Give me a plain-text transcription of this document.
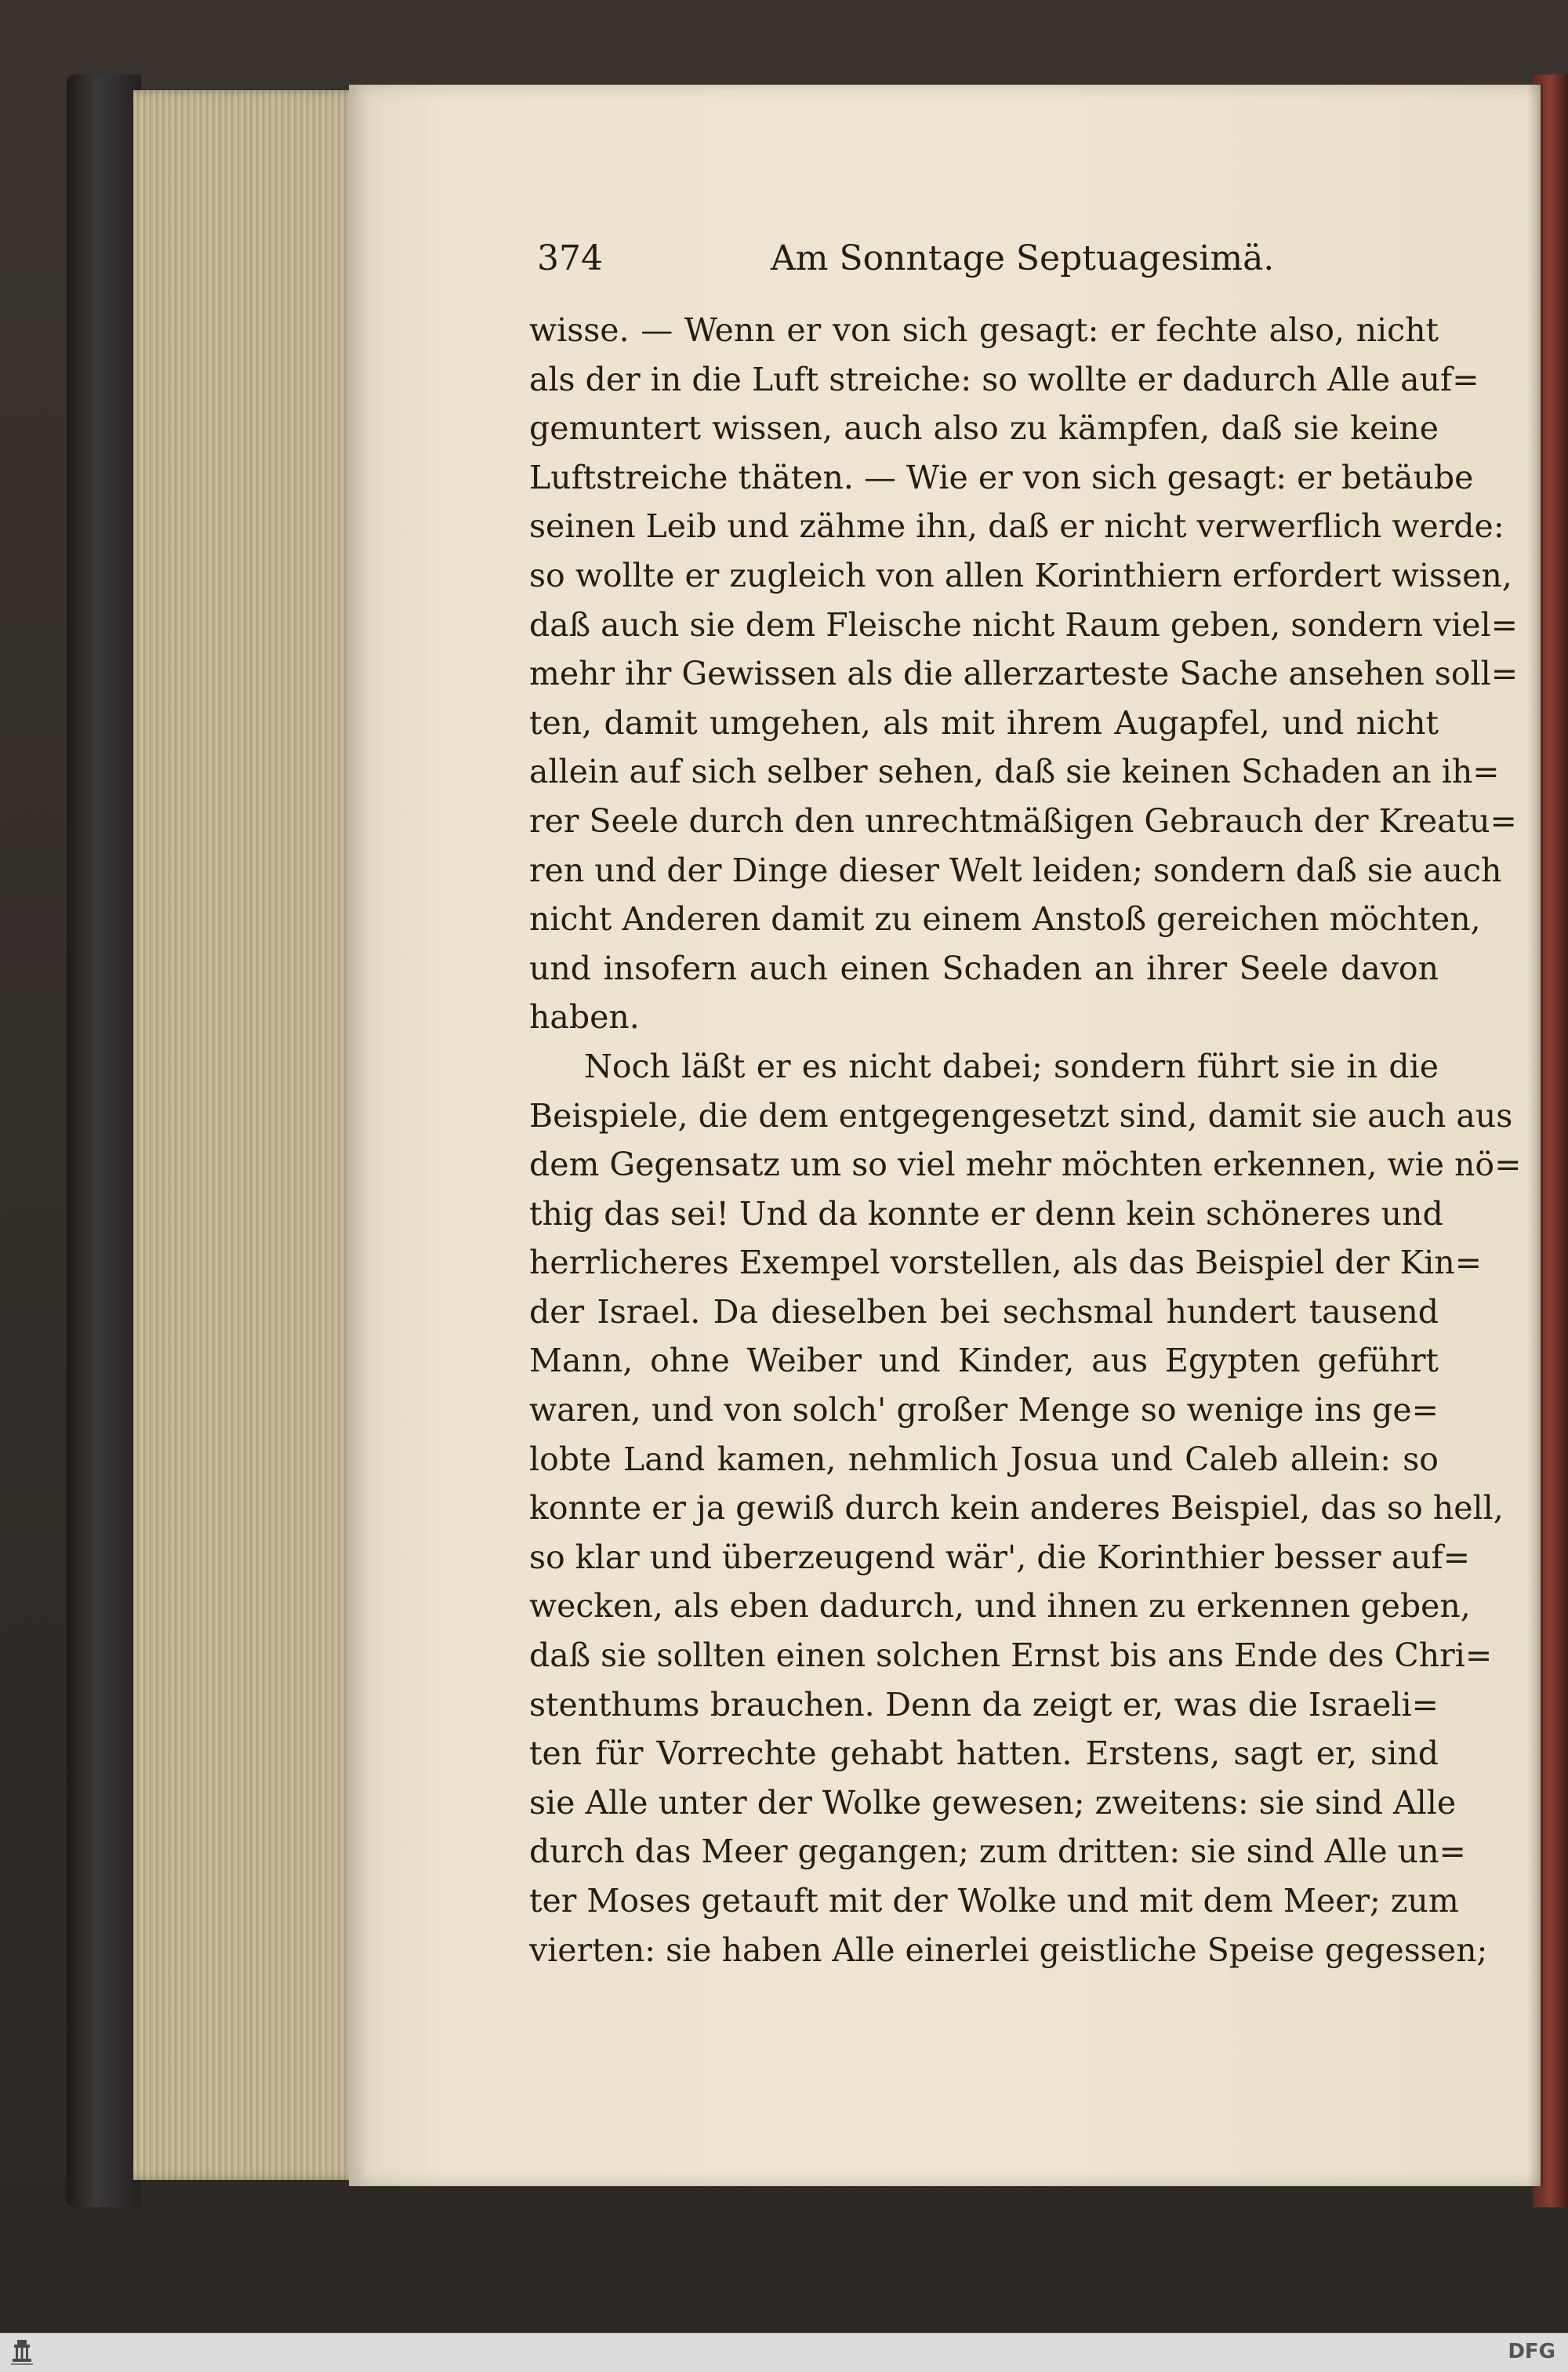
374	Am Sonntage Septuagesimä.
wisse. — Wenn er von sich gesagt: er fechte also, nicht
als der in die Luft streiche: so wollte er dadurch Alle auf=
gemuntert wissen, auch also zu kämpfen, daß sie keine
Luftstreiche thäten. — Wie er von sich gesagt: er betäube
seinen Leib und zähme ihn, daß er nicht verwerflich werde:
so wollte er zugleich von allen Korinthiern erfordert wissen,
daß auch sie dem Fleische nicht Raum geben, sondern viel=
mehr ihr Gewissen als die allerzarteste Sache ansehen soll=
ten, damit umgehen, als mit ihrem Augapfel, und nicht
allein auf sich selber sehen, daß sie keinen Schaden an ih=
rer Seele durch den unrechtmäßigen Gebrauch der Kreatu=
ren und der Dinge dieser Welt leiden; sondern daß sie auch
nicht Anderen damit zu einem Anstoß gereichen möchten,
und insofern auch einen Schaden an ihrer Seele davon
haben.
Noch läßt er es nicht dabei; sondern führt sie in die
Beispiele, die dem entgegengesetzt sind, damit sie auch aus
dem Gegensatz um so viel mehr möchten erkennen, wie nö=
thig das sei! Und da konnte er denn kein schöneres und
herrlicheres Exempel vorstellen, als das Beispiel der Kin=
der Israel. Da dieselben bei sechsmal hundert tausend
Mann, ohne Weiber und Kinder, aus Egypten geführt
waren, und von solch' großer Menge so wenige ins ge=
lobte Land kamen, nehmlich Josua und Caleb allein: so
konnte er ja gewiß durch kein anderes Beispiel, das so hell,
so klar und überzeugend wär', die Korinthier besser auf=
wecken, als eben dadurch, und ihnen zu erkennen geben,
daß sie sollten einen solchen Ernst bis ans Ende des Chri=
stenthums brauchen. Denn da zeigt er, was die Israeli=
ten für Vorrechte gehabt hatten. Erstens, sagt er, sind
sie Alle unter der Wolke gewesen; zweitens: sie sind Alle
durch das Meer gegangen; zum dritten: sie sind Alle un=
ter Moses getauft mit der Wolke und mit dem Meer; zum
vierten: sie haben Alle einerlei geistliche Speise gegessen;
DFG
